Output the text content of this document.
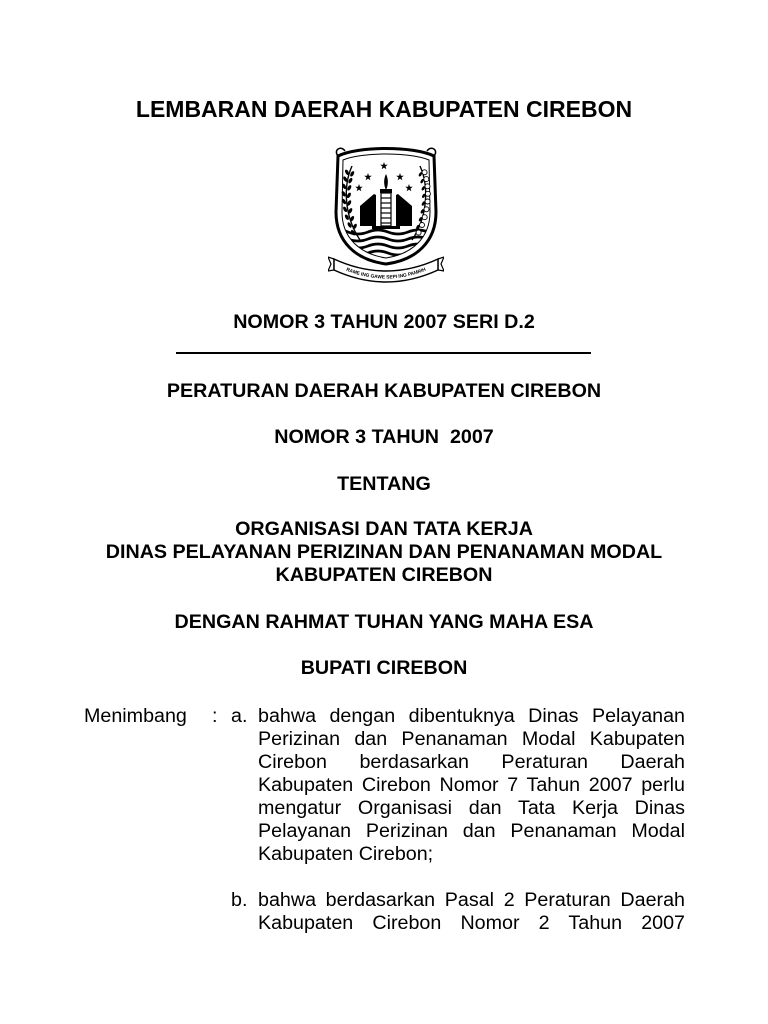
LEMBARAN DAERAH KABUPATEN CIREBON
RAME ING GAWE SEPI ING PAMRIH

NOMOR 3 TAHUN 2007 SERI D.2

PERATURAN DAERAH KABUPATEN CIREBON

NOMOR 3 TAHUN  2007

TENTANG

ORGANISASI DAN TATA KERJA

DINAS PELAYANAN PERIZINAN DAN PENANAMAN MODAL

KABUPATEN CIREBON

DENGAN RAHMAT TUHAN YANG MAHA ESA

BUPATI CIREBON

Menimbang : a. bahwa dengan dibentuknya Dinas Pelayanan
Perizinan dan Penanaman Modal Kabupaten
Cirebon berdasarkan Peraturan Daerah
Kabupaten Cirebon Nomor 7 Tahun 2007 perlu
mengatur Organisasi dan Tata Kerja Dinas
Pelayanan Perizinan dan Penanaman Modal
Kabupaten Cirebon;
b. bahwa berdasarkan Pasal 2 Peraturan Daerah
Kabupaten Cirebon Nomor 2 Tahun 2007
